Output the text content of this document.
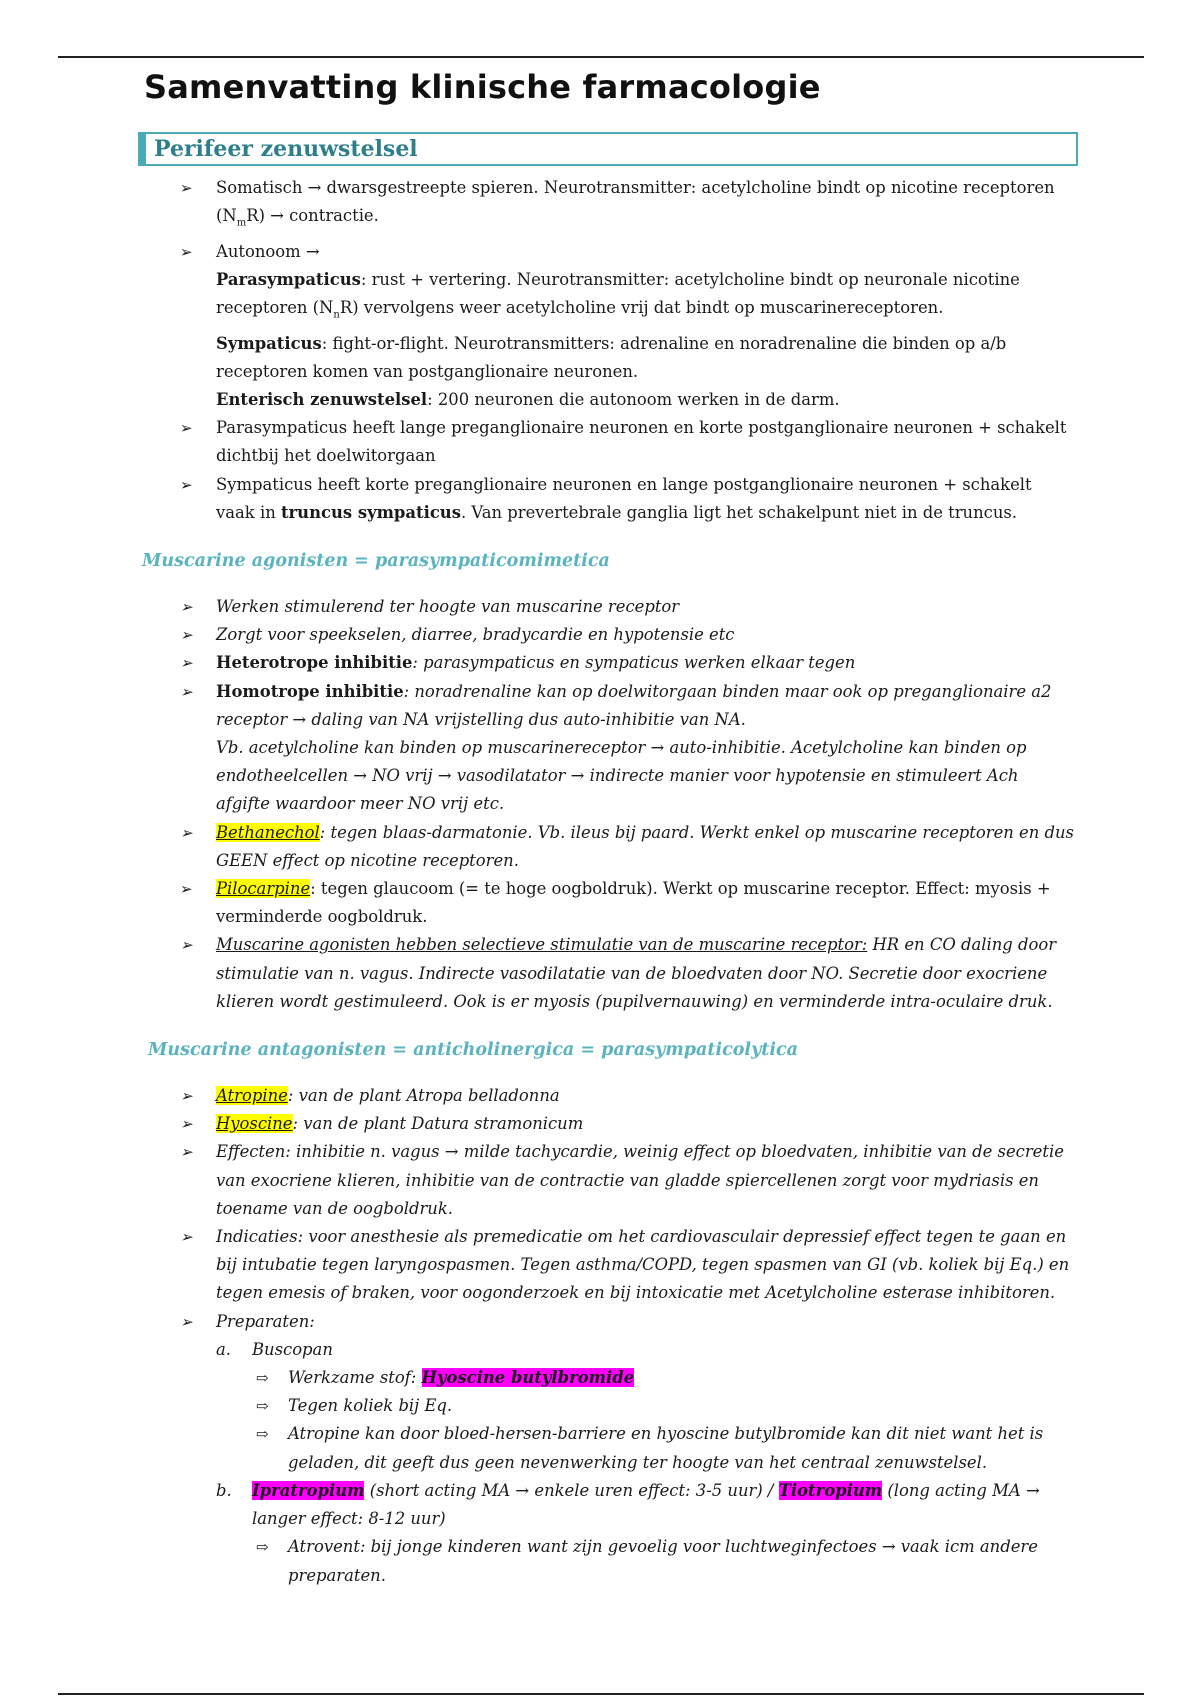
Samenvatting klinische farmacologie
Perifeer zenuwstelsel
➢ Somatisch → dwarsgestreepte spieren. Neurotransmitter: acetylcholine bindt op nicotine receptoren $(N_mR)$ → contractie.
➢ Autonoom →
Parasympaticus: rust + vertering. Neurotransmitter: acetylcholine bindt op neuronale nicotine receptoren $(N_nR)$ vervolgens weer acetylcholine vrij dat bindt op muscarinereceptoren.
Sympaticus: fight-or-flight. Neurotransmitters: adrenaline en noradrenaline die binden op a/b receptoren komen van postganglionaire neuronen.
Enterisch zenuwstelsel: 200 neuronen die autonoom werken in de darm.
➢ Parasympaticus heeft lange preganglionaire neuronen en korte postganglionaire neuronen + schakelt dichtbij het doelwitorgaan
➢ Sympaticus heeft korte preganglionaire neuronen en lange postganglionaire neuronen + schakelt vaak in truncus sympaticus. Van prevertebrale ganglia ligt het schakelpunt niet in de truncus.
Muscarine agonisten = parasympaticomimetica
➢ Werken stimulerend ter hoogte van muscarine receptor
➢ Zorgt voor speekselen, diarree, bradycardie en hypotensie etc
➢ Heterotrope inhibitie: parasympaticus en sympaticus werken elkaar tegen
➢ Homotrope inhibitie: noradrenaline kan op doelwitorgaan binden maar ook op preganglionaire a2 receptor → daling van NA vrijstelling dus auto-inhibitie van NA.
Vb. acetylcholine kan binden op muscarinereceptor → auto-inhibitie. Acetylcholine kan binden op endotheelcellen → NO vrij → vasodilatator → indirecte manier voor hypotensie en stimuleert Ach afgifte waardoor meer NO vrij etc.
➢ Bethanechol: tegen blaas-darmatonie. Vb. ileus bij paard. Werkt enkel op muscarine receptoren en dus GEEN effect op nicotine receptoren.
➢ Pilocarpine: tegen glaucoom (= te hoge oogboldruk). Werkt op muscarine receptor. Effect: myosis + verminderde oogboldruk.
➢ Muscarine agonisten hebben selectieve stimulatie van de muscarine receptor: HR en CO daling door stimulatie van n. vagus. Indirecte vasodilatatie van de bloedvaten door NO. Secretie door exocriene klieren wordt gestimuleerd. Ook is er myosis (pupilvernauwing) en verminderde intra-oculaire druk.
Muscarine antagonisten = anticholinergica = parasympaticolytica
➢ Atropine: van de plant Atropa belladonna
➢ Hyoscine: van de plant Datura stramonicum
➢ Effecten: inhibitie n. vagus → milde tachycardie, weinig effect op bloedvaten, inhibitie van de secretie van exocriene klieren, inhibitie van de contractie van gladde spiercellenen zorgt voor mydriasis en toename van de oogboldruk.
➢ Indicaties: voor anesthesie als premedicatie om het cardiovasculair depressief effect tegen te gaan en bij intubatie tegen laryngospasmen. Tegen asthma/COPD, tegen spasmen van GI (vb. koliek bij Eq.) en tegen emesis of braken, voor oogonderzoek en bij intoxicatie met Acetylcholine esterase inhibitoren.
➢ Preparaten:
a. Buscopan
⇨ Werkzame stof: Hyoscine butylbromide
⇨ Tegen koliek bij Eq.
⇨ Atropine kan door bloed-hersen-barriere en hyoscine butylbromide kan dit niet want het is geladen, dit geeft dus geen nevenwerking ter hoogte van het centraal zenuwstelsel.
b. Ipratropium (short acting MA → enkele uren effect: 3-5 uur) / Tiotropium (long acting MA → langer effect: 8-12 uur)
⇨ Atrovent: bij jonge kinderen want zijn gevoelig voor luchtweginfectoes → vaak icm andere preparaten.
